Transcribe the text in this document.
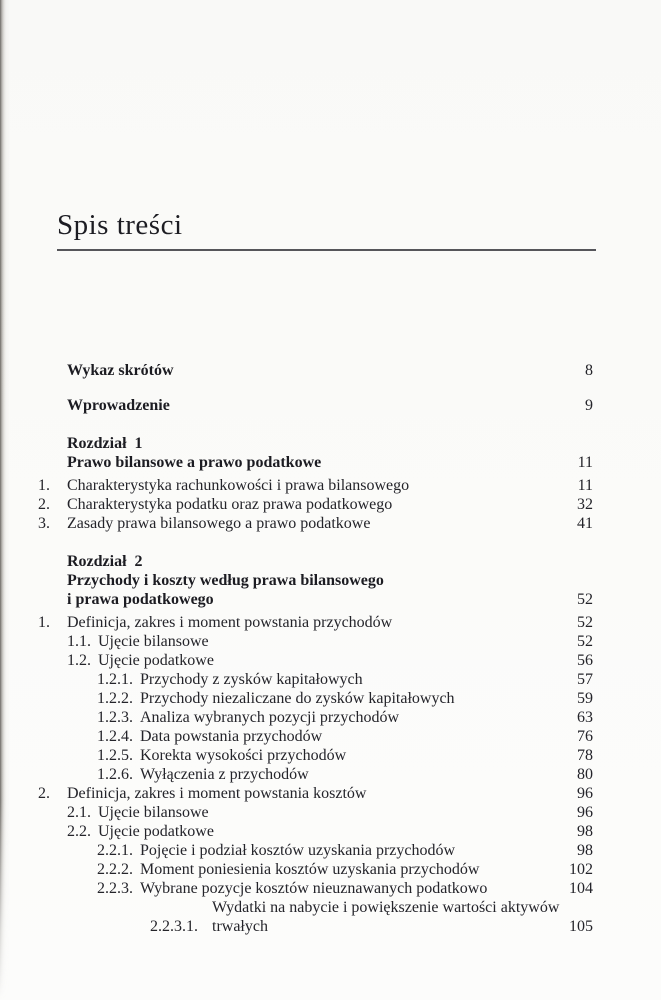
Spis treści
Wykaz skrótów	8
Wprowadzenie	9
Rozdział  1
Prawo bilansowe a prawo podatkowe	11
1.	Charakterystyka rachunkowości i prawa bilansowego	11
2.	Charakterystyka podatku oraz prawa podatkowego	32
3.	Zasady prawa bilansowego a prawo podatkowe	41
Rozdział  2
Przychody i koszty według prawa bilansowego
i prawa podatkowego	52
1.	Definicja, zakres i moment powstania przychodów	52
1.1. Ujęcie bilansowe	52
1.2. Ujęcie podatkowe	56
1.2.1. Przychody z zysków kapitałowych	57
1.2.2. Przychody niezaliczane do zysków kapitałowych	59
1.2.3. Analiza wybranych pozycji przychodów	63
1.2.4. Data powstania przychodów	76
1.2.5. Korekta wysokości przychodów	78
1.2.6. Wyłączenia z przychodów	80
2.	Definicja, zakres i moment powstania kosztów	96
2.1. Ujęcie bilansowe	96
2.2. Ujęcie podatkowe	98
2.2.1. Pojęcie i podział kosztów uzyskania przychodów	98
2.2.2. Moment poniesienia kosztów uzyskania przychodów	102
2.2.3. Wybrane pozycje kosztów nieuznawanych podatkowo	104
2.2.3.1.
Wydatki na nabycie i powiększenie wartości aktywów
trwałych	105
